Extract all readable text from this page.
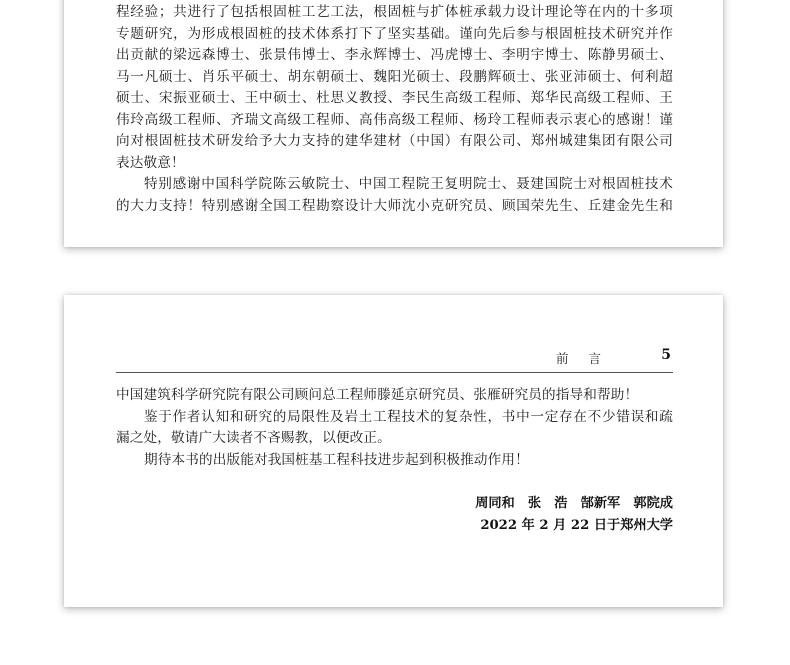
程经验；共进行了包括根固桩工艺工法，根固桩与扩体桩承载力设计理论等在内的十多项
专题研究，为形成根固桩的技术体系打下了坚实基础。谨向先后参与根固桩技术研究并作
出贡献的梁远森博士、张景伟博士、李永辉博士、冯虎博士、李明宇博士、陈静男硕士、
马一凡硕士、肖乐平硕士、胡东朝硕士、魏阳光硕士、段鹏辉硕士、张亚沛硕士、何利超
硕士、宋振亚硕士、王中硕士、杜思义教授、李民生高级工程师、郑华民高级工程师、王
伟玲高级工程师、齐瑞文高级工程师、高伟高级工程师、杨玲工程师表示衷心的感谢！谨
向对根固桩技术研发给予大力支持的建华建材（中国）有限公司、郑州城建集团有限公司
表达敬意！
特别感谢中国科学院陈云敏院士、中国工程院王复明院士、聂建国院士对根固桩技术
的大力支持！特别感谢全国工程勘察设计大师沈小克研究员、顾国荣先生、丘建金先生和
前言	5
中国建筑科学研究院有限公司顾问总工程师滕延京研究员、张雁研究员的指导和帮助！
鉴于作者认知和研究的局限性及岩土工程技术的复杂性，书中一定存在不少错误和疏
漏之处，敬请广大读者不吝赐教，以便改正。
期待本书的出版能对我国桩基工程科技进步起到积极推动作用！
周同和　张　浩　郜新军　郭院成
2022 年 2 月 22 日于郑州大学
